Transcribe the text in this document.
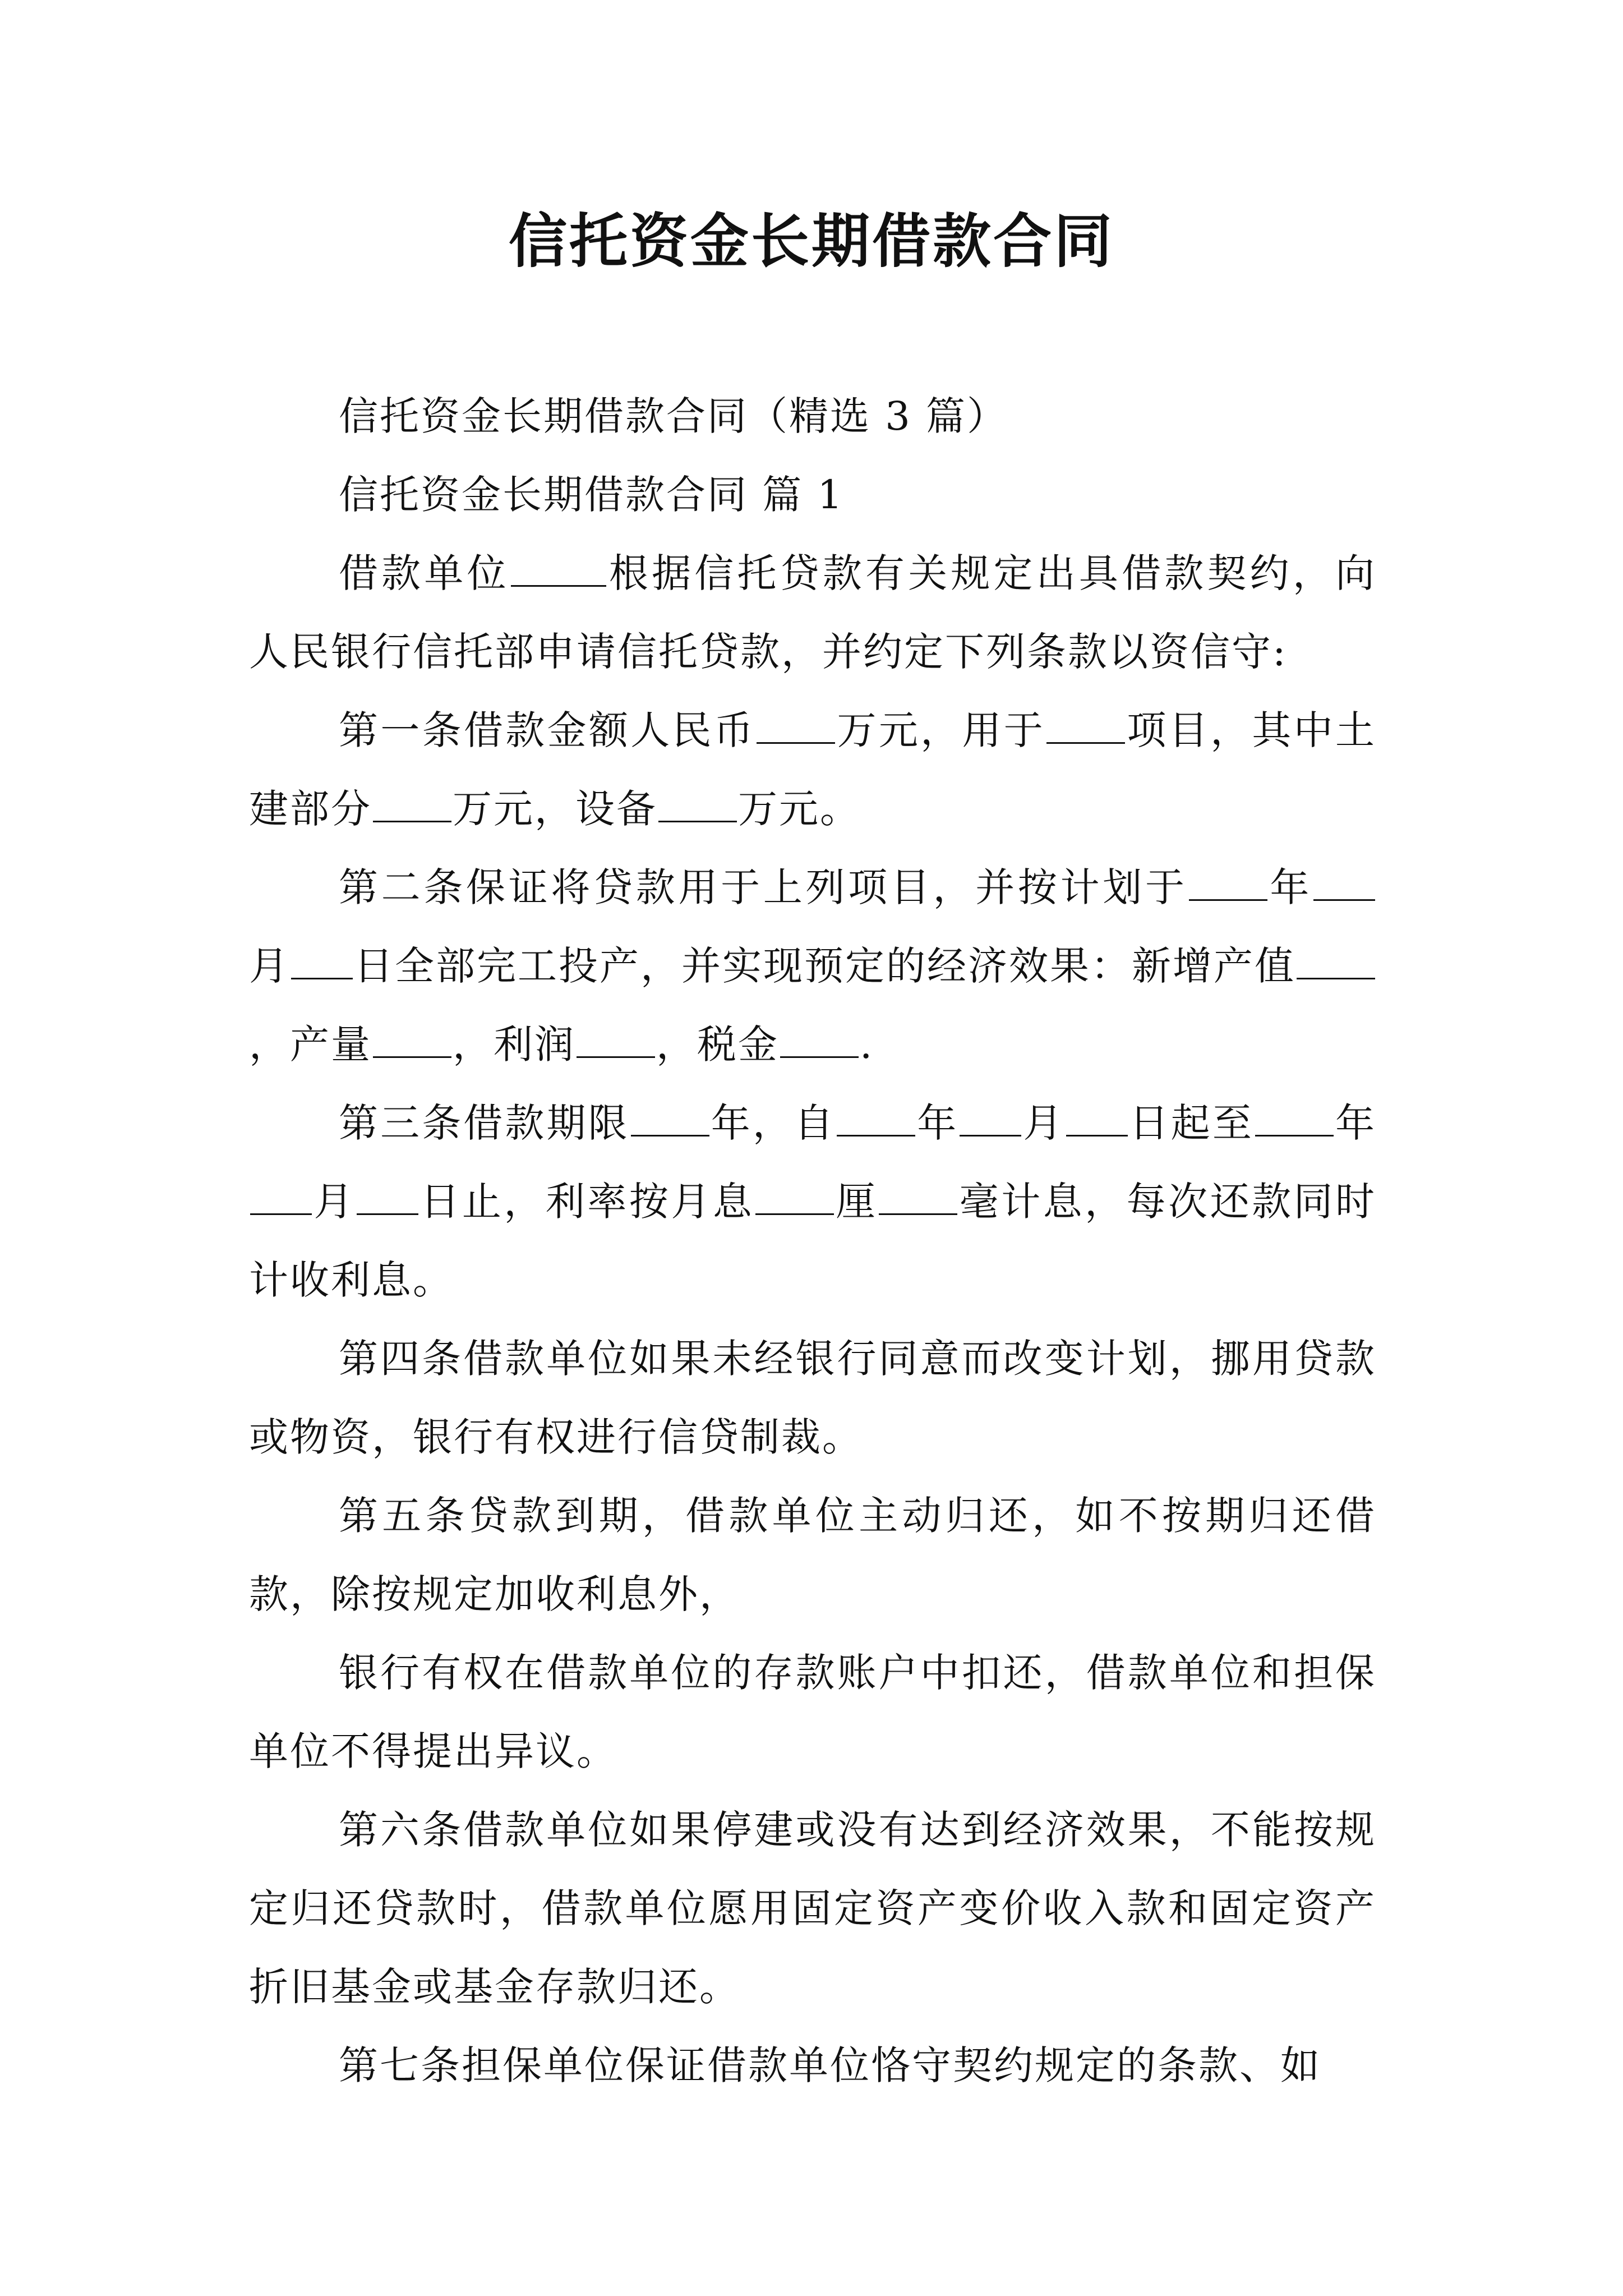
信托资金长期借款合同

信托资金长期借款合同（精选 3 篇）

信托资金长期借款合同 篇 1

借款单位 根据信托贷款有关规定出具借款契约，向人民银行信托部申请信托贷款，并约定下列条款以资信守:

第一条借款金额人民币 万元，用于 项目，其中土建部分 万元，设备 万元。

第二条保证将贷款用于上列项目，并按计划于 年月 日全部完工投产，并实现预定的经济效果：新增产值，产量 ，利润 ，税金 .

第三条借款期限 年，自 年 月 日起至 年月 日止，利率按月息 厘 毫计息，每次还款同时计收利息。

第四条借款单位如果未经银行同意而改变计划，挪用贷款或物资，银行有权进行信贷制裁。

第五条贷款到期，借款单位主动归还，如不按期归还借款，除按规定加收利息外，

银行有权在借款单位的存款账户中扣还，借款单位和担保单位不得提出异议。

第六条借款单位如果停建或没有达到经济效果，不能按规定归还贷款时，借款单位愿用固定资产变价收入款和固定资产折旧基金或基金存款归还。

第七条担保单位保证借款单位恪守契约规定的条款、如
